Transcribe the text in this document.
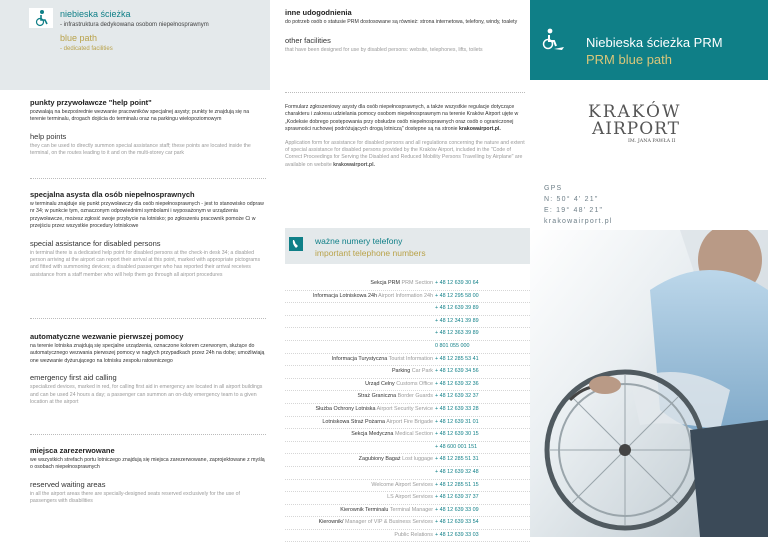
niebieska ścieżka
- infrastruktura dedykowana osobom niepełnosprawnym
blue path
- dedicated facilities

punkty przywoławcze "help point"

pozwalają na bezpośrednie wezwanie pracowników specjalnej asysty; punkty te znajdują się na terenie terminalu, drogach dojścia do terminalu oraz na parkingu wielopoziomowym

help points

they can be used to directly summon special assistance staff; these points are located inside the terminal, on the routes leading to it and on the multi-storey car park

specjalna asysta dla osób niepełnosprawnych

w terminalu znajduje się punkt przywoławczy dla osób niepełnosprawnych - jest to stanowisko odpraw nr 34; w punkcie tym, oznaczonym odpowiednimi symbolami i wyposażonym w urządzenia przywoławcze, możesz zgłosić swoje przybycie na lotnisko; po zgłoszeniu pracownik pomoże Ci w przejściu przez wszystkie procedury lotniskowe

special assistance for disabled persons

in terminal there is a dedicated help point for disabled persons at the check-in desk 34; a disabled person arriving at the airport can report their arrival at this point, marked with appropriate pictograms and fitted with summoning devices; a disabled passenger who has reported their arrival receives assistance from a staff member who will help them go through all airport procedures

automatyczne wezwanie pierwszej pomocy

na terenie lotniska znajdują się specjalne urządzenia, oznaczone kolorem czerwonym, służące do automatycznego wezwania pierwszej pomocy w nagłych przypadkach przez 24h na dobę; umożliwiają one wezwanie dyżurującego na lotnisku zespołu ratowniczego

emergency first aid calling

specialized devices, marked in red, for calling first aid in emergency are located in all airport buildings and can be used 24 hours a day; a passenger can summon an on-duty emergency team to a given location at the airport

miejsca zarezerwowane

we wszystkich strefach portu lotniczego znajdują się miejsca zarezerwowane, zaprojektowane z myślą o osobach niepełnosprawnych

reserved waiting areas

in all the airport areas there are specially-designed seats reserved exclusively for the use of passengers with disabilities

inne udogodnienia

do potrzeb osób o statusie PRM dostosowane są również: strona internetowa, telefony, windy, toalety

other facilities

that have been designed for use by disabled persons: website, telephones, lifts, toilets

Formularz zgłoszeniowy asysty dla osób niepełnosprawnych, a także wszystkie regulacje dotyczące charakteru i zakresu udzielania pomocy osobom niepełnosprawnym na terenie Kraków Airport ujęte w „Kodeksie dobrego postępowania przy obsłudze osób niepełnosprawnych oraz osób o ograniczonej sprawności ruchowej podróżujących drogą lotniczą" dostępne są na stronie krakowairport.pl.

Application form for assistance for disabled persons and all regulations concerning the nature and extent of special assistance for disabled persons provided by the Kraków Airport, included in the "Code of Correct Proceedings for Serving the Disabled and Reduced Mobility Persons Travelling by Airplane" are available on website krakowairport.pl.

ważne numery telefony
important telephone numbers
Sekcja PRM PRM Section + 48 12 639 30 64
Informacja Lotniskowa 24h Airport Information 24h + 48 12 295 58 00
+ 48 12 639 39 89
+ 48 12 341 39 89
+ 48 12 363 39 89
0 801 055 000
Informacja Turystyczna Tourist Information + 48 12 285 53 41
Parking Car Park + 48 12 639 34 56
Urząd Celny Customs Office + 48 12 639 32 36
Straż Graniczna Border Guards + 48 12 639 32 37
Służba Ochrony Lotniska Airport Security Service + 48 12 639 33 28
Lotniskowa Straż Pożarna Airport Fire Brigade + 48 12 639 31 01
Sekcja Medyczna Medical Section + 48 12 639 30 15
+ 48 600 001 151
Zagubiony Bagaż Lost luggage + 48 12 285 51 31
+ 48 12 639 32 48
Welcome Airport Services + 48 12 285 51 15
LS Airport Services + 48 12 639 37 37
Kierownik Terminalu Terminal Manager + 48 12 639 33 09
Kierownik/ Manager of VIP & Business Services + 48 12 639 33 54
Public Relations + 48 12 639 33 03
Niebieska ścieżka PRM
PRM blue path
KRAKÓW
AIRPORT
IM. JANA PAWŁA II
GPS
N: 50° 4' 21"
E: 19° 48' 21"
krakowairport.pl
